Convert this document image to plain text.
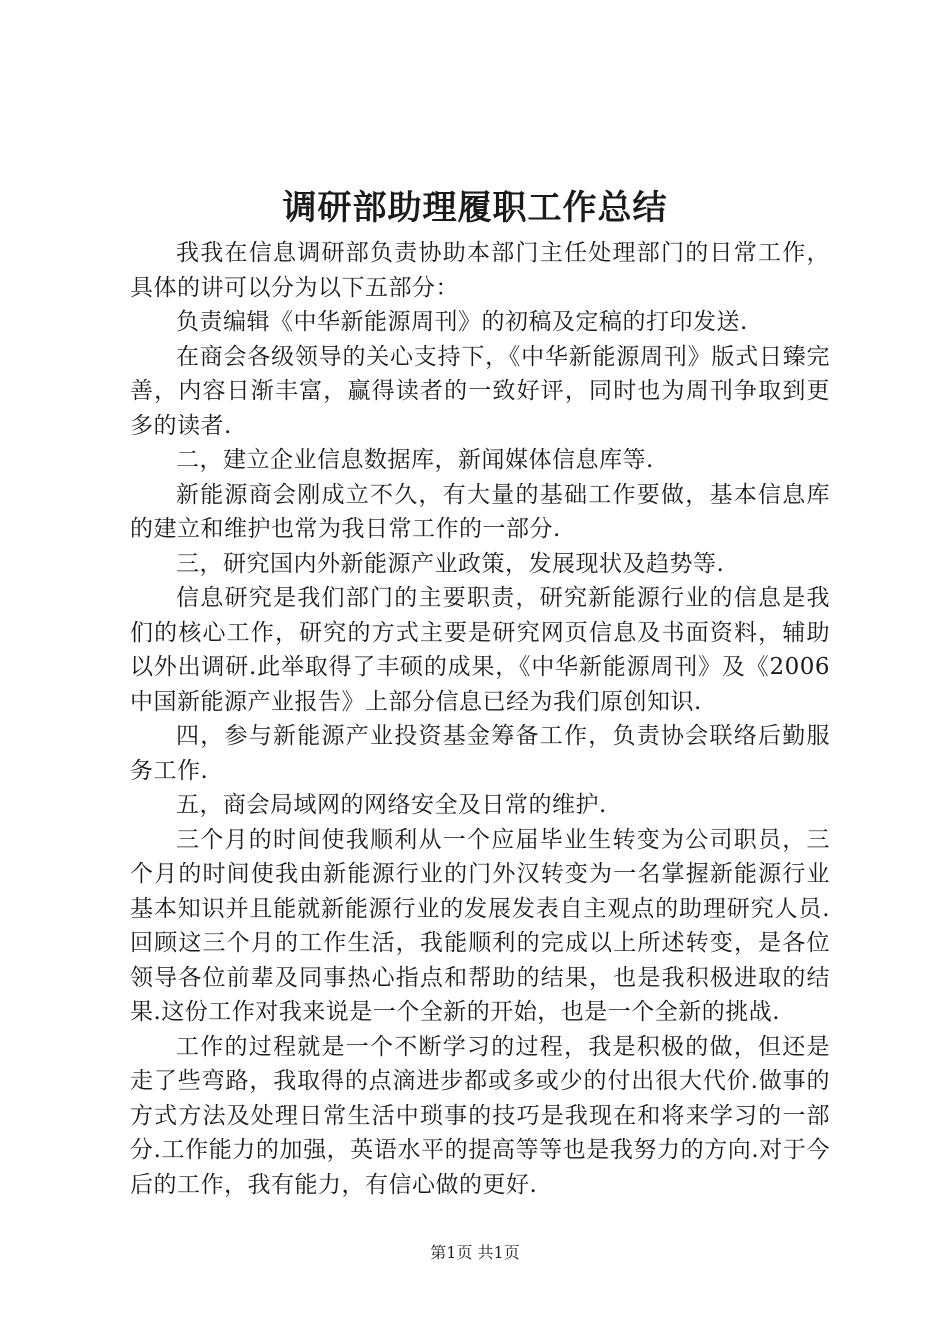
调研部助理履职工作总结

我我在信息调研部负责协助本部门主任处理部门的日常工作，具体的讲可以分为以下五部分：

负责编辑《中华新能源周刊》的初稿及定稿的打印发送.

在商会各级领导的关心支持下，《中华新能源周刊》版式日臻完善，内容日渐丰富，赢得读者的一致好评，同时也为周刊争取到更多的读者.

二，建立企业信息数据库，新闻媒体信息库等.

新能源商会刚成立不久，有大量的基础工作要做，基本信息库的建立和维护也常为我日常工作的一部分.

三，研究国内外新能源产业政策，发展现状及趋势等.

信息研究是我们部门的主要职责，研究新能源行业的信息是我们的核心工作，研究的方式主要是研究网页信息及书面资料，辅助以外出调研.此举取得了丰硕的成果，《中华新能源周刊》及《2006中国新能源产业报告》上部分信息已经为我们原创知识.

四，参与新能源产业投资基金筹备工作，负责协会联络后勤服务工作.

五，商会局域网的网络安全及日常的维护.

三个月的时间使我顺利从一个应届毕业生转变为公司职员，三个月的时间使我由新能源行业的门外汉转变为一名掌握新能源行业基本知识并且能就新能源行业的发展发表自主观点的助理研究人员.回顾这三个月的工作生活，我能顺利的完成以上所述转变，是各位领导各位前辈及同事热心指点和帮助的结果，也是我积极进取的结果.这份工作对我来说是一个全新的开始，也是一个全新的挑战.

工作的过程就是一个不断学习的过程，我是积极的做，但还是走了些弯路，我取得的点滴进步都或多或少的付出很大代价.做事的方式方法及处理日常生活中琐事的技巧是我现在和将来学习的一部分.工作能力的加强，英语水平的提高等等也是我努力的方向.对于今后的工作，我有能力，有信心做的更好.

第1页 共1页
